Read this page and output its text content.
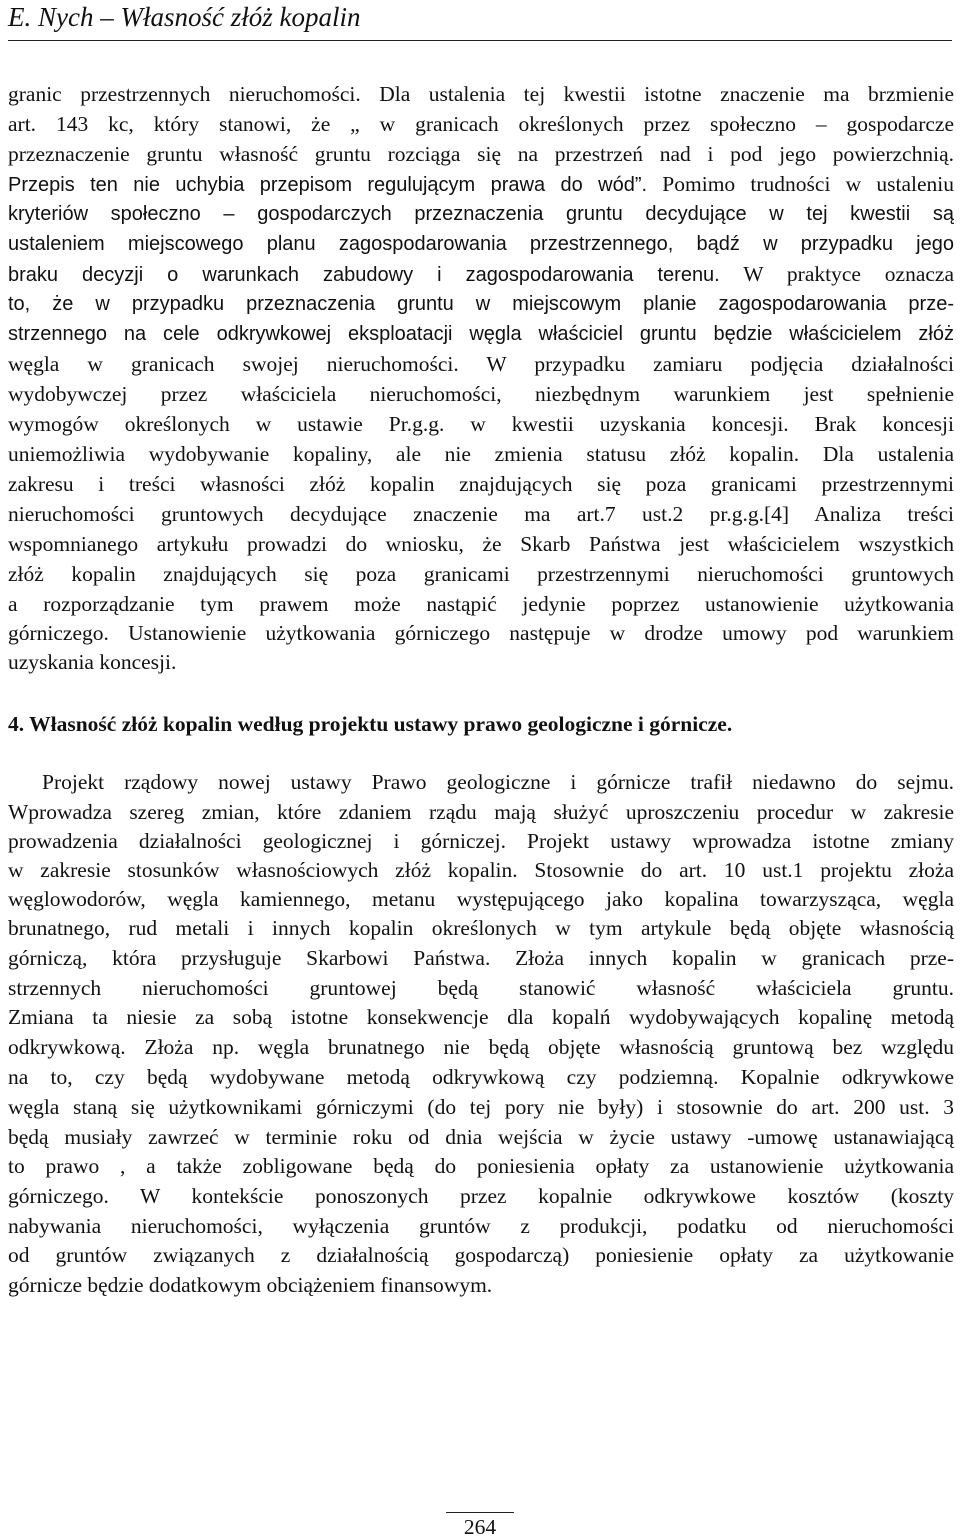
E. Nych – Własność złóż kopalin
granic przestrzennych nieruchomości. Dla ustalenia tej kwestii istotne znaczenie ma brzmienie
art. 143 kc, który stanowi, że „ w granicach określonych przez społeczno – gospodarcze
przeznaczenie gruntu własność gruntu rozciąga się na przestrzeń nad i pod jego powierzchnią.
Przepis ten nie uchybia przepisom regulującym prawa do wód”. Pomimo trudności w ustaleniu
kryteriów społeczno – gospodarczych przeznaczenia gruntu decydujące w tej kwestii są
ustaleniem miejscowego planu zagospodarowania przestrzennego, bądź w przypadku jego
braku decyzji o warunkach zabudowy i zagospodarowania terenu. W praktyce oznacza
to, że w przypadku przeznaczenia gruntu w miejscowym planie zagospodarowania prze-
strzennego na cele odkrywkowej eksploatacji węgla właściciel gruntu będzie właścicielem złóż
węgla w granicach swojej nieruchomości. W przypadku zamiaru podjęcia działalności
wydobywczej przez właściciela nieruchomości, niezbędnym warunkiem jest spełnienie
wymogów określonych w ustawie Pr.g.g. w kwestii uzyskania koncesji. Brak koncesji
uniemożliwia wydobywanie kopaliny, ale nie zmienia statusu złóż kopalin. Dla ustalenia
zakresu i treści własności złóż kopalin znajdujących się poza granicami przestrzennymi
nieruchomości gruntowych decydujące znaczenie ma art.7 ust.2 pr.g.g.[4] Analiza treści
wspomnianego artykułu prowadzi do wniosku, że Skarb Państwa jest właścicielem wszystkich
złóż kopalin znajdujących się poza granicami przestrzennymi nieruchomości gruntowych
a rozporządzanie tym prawem może nastąpić jedynie poprzez ustanowienie użytkowania
górniczego. Ustanowienie użytkowania górniczego następuje w drodze umowy pod warunkiem
uzyskania koncesji.
4. Własność złóż kopalin według projektu ustawy prawo geologiczne i górnicze.
Projekt rządowy nowej ustawy Prawo geologiczne i górnicze trafił niedawno do sejmu.
Wprowadza szereg zmian, które zdaniem rządu mają służyć uproszczeniu procedur w zakresie
prowadzenia działalności geologicznej i górniczej. Projekt ustawy wprowadza istotne zmiany
w zakresie stosunków własnościowych złóż kopalin. Stosownie do art. 10 ust.1 projektu złoża
węglowodorów, węgla kamiennego, metanu występującego jako kopalina towarzysząca, węgla
brunatnego, rud metali i innych kopalin określonych w tym artykule będą objęte własnością
górniczą, która przysługuje Skarbowi Państwa. Złoża innych kopalin w granicach prze-
strzennych nieruchomości gruntowej będą stanowić własność właściciela gruntu.
Zmiana ta niesie za sobą istotne konsekwencje dla kopalń wydobywających kopalinę metodą
odkrywkową. Złoża np. węgla brunatnego nie będą objęte własnością gruntową bez względu
na to, czy będą wydobywane metodą odkrywkową czy podziemną. Kopalnie odkrywkowe
węgla staną się użytkownikami górniczymi (do tej pory nie były) i stosownie do art. 200 ust. 3
będą musiały zawrzeć w terminie roku od dnia wejścia w życie ustawy -umowę ustanawiającą
to prawo , a także zobligowane będą do poniesienia opłaty za ustanowienie użytkowania
górniczego. W kontekście ponoszonych przez kopalnie odkrywkowe kosztów (koszty
nabywania nieruchomości, wyłączenia gruntów z produkcji, podatku od nieruchomości
od gruntów związanych z działalnością gospodarczą) poniesienie opłaty za użytkowanie
górnicze będzie dodatkowym obciążeniem finansowym.
264
